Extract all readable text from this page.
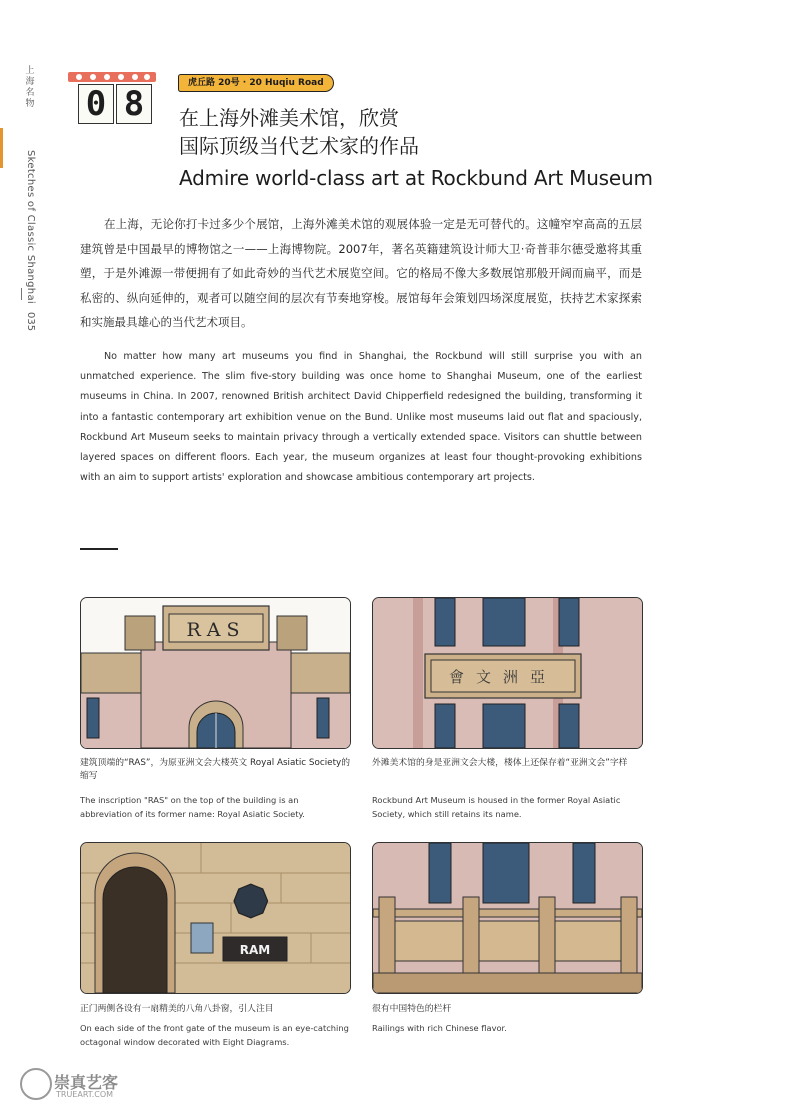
上海名物
Sketches of Classic Shanghai
035
0 8
虎丘路 20号 · 20 Huqiu Road
在上海外滩美术馆，欣赏
国际顶级当代艺术家的作品
Admire world-class art at Rockbund Art Museum
在上海，无论你打卡过多少个展馆，上海外滩美术馆的观展体验一定是无可替代的。这幢窄窄高高的五层建筑曾是中国最早的博物馆之一——上海博物院。2007年，著名英籍建筑设计师大卫·奇普菲尔德受邀将其重塑，于是外滩源一带便拥有了如此奇妙的当代艺术展览空间。它的格局不像大多数展馆那般开阔而扁平，而是私密的、纵向延伸的，观者可以随空间的层次有节奏地穿梭。展馆每年会策划四场深度展览，扶持艺术家探索和实施最具雄心的当代艺术项目。
No matter how many art museums you find in Shanghai, the Rockbund will still surprise you with an unmatched experience. The slim five-story building was once home to Shanghai Museum, one of the earliest museums in China. In 2007, renowned British architect David Chipperfield redesigned the building, transforming it into a fantastic contemporary art exhibition venue on the Bund. Unlike most museums laid out flat and spaciously, Rockbund Art Museum seeks to maintain privacy through a vertically extended space. Visitors can shuttle between layered spaces on different floors. Each year, the museum organizes at least four thought-provoking exhibitions with an aim to support artists' exploration and showcase ambitious contemporary art projects.
RAS
建筑顶端的“RAS”，为原亚洲文会大楼英文 Royal Asiatic Society的缩写
The inscription "RAS" on the top of the building is an abbreviation of its former name: Royal Asiatic Society.
會文洲亞
外滩美术馆的身是亚洲文会大楼，楼体上还保存着“亚洲文会”字样
Rockbund Art Museum is housed in the former Royal Asiatic Society, which still retains its name.
RAM
正门两侧各设有一扇精美的八角八卦窗，引人注目
On each side of the front gate of the museum is an eye-catching octagonal window decorated with Eight Diagrams.
很有中国特色的栏杆
Railings with rich Chinese flavor.
崇真艺客
TRUEART.COM
